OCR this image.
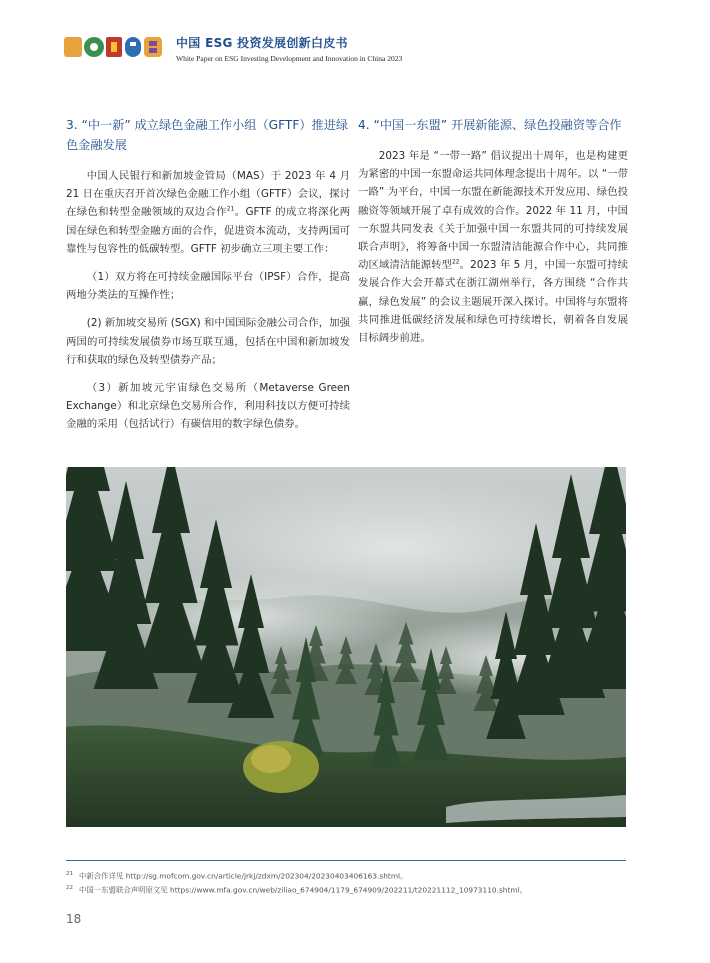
中国 ESG 投资发展创新白皮书
White Paper on ESG Investing Development and Innovation in China 2023
3. “中一新” 成立绿色金融工作小组（GFTF）推进绿色金融发展

中国人民银行和新加坡金管局（MAS）于 2023 年 4 月 21 日在重庆召开首次绿色金融工作小组（GFTF）会议，探讨在绿色和转型金融领域的双边合作$^{21}$。GFTF 的成立将深化两国在绿色和转型金融方面的合作，促进资本流动，支持两国可靠性与包容性的低碳转型。GFTF 初步确立三项主要工作：

（1）双方将在可持续金融国际平台（IPSF）合作，提高两地分类法的互操作性；

(2) 新加坡交易所 (SGX) 和中国国际金融公司合作，加强两国的可持续发展债券市场互联互通，包括在中国和新加坡发行和获取的绿色及转型债券产品；

（3）新加坡元宇宙绿色交易所（Metaverse Green Exchange）和北京绿色交易所合作，利用科技以方便可持续金融的采用（包括试行）有碳信用的数字绿色债券。

4. “中国一东盟” 开展新能源、绿色投融资等合作

2023 年是 “一带一路” 倡议提出十周年，也是构建更为紧密的中国一东盟命运共同体理念提出十周年。以 “一带一路” 为平台，中国一东盟在新能源技术开发应用、绿色投融资等领域开展了卓有成效的合作。2022 年 11 月，中国一东盟共同发表《关于加强中国一东盟共同的可持续发展联合声明》，将筹备中国一东盟清洁能源合作中心，共同推动区域清洁能源转型$^{22}$。2023 年 5 月，中国一东盟可持续发展合作大会开幕式在浙江湖州举行，各方围绕 “合作共赢，绿色发展” 的会议主题展开深入探讨。中国将与东盟将共同推进低碳经济发展和绿色可持续增长，朝着各自发展目标阔步前进。

$^{21}$ 中新合作详见 http://sg.mofcom.gov.cn/article/jrkj/zdxm/202304/20230403406163.shtml。
$^{22}$ 中国一东盟联合声明原文见 https://www.mfa.gov.cn/web/ziliao_674904/1179_674909/202211/t20221112_10973110.shtml。
18
